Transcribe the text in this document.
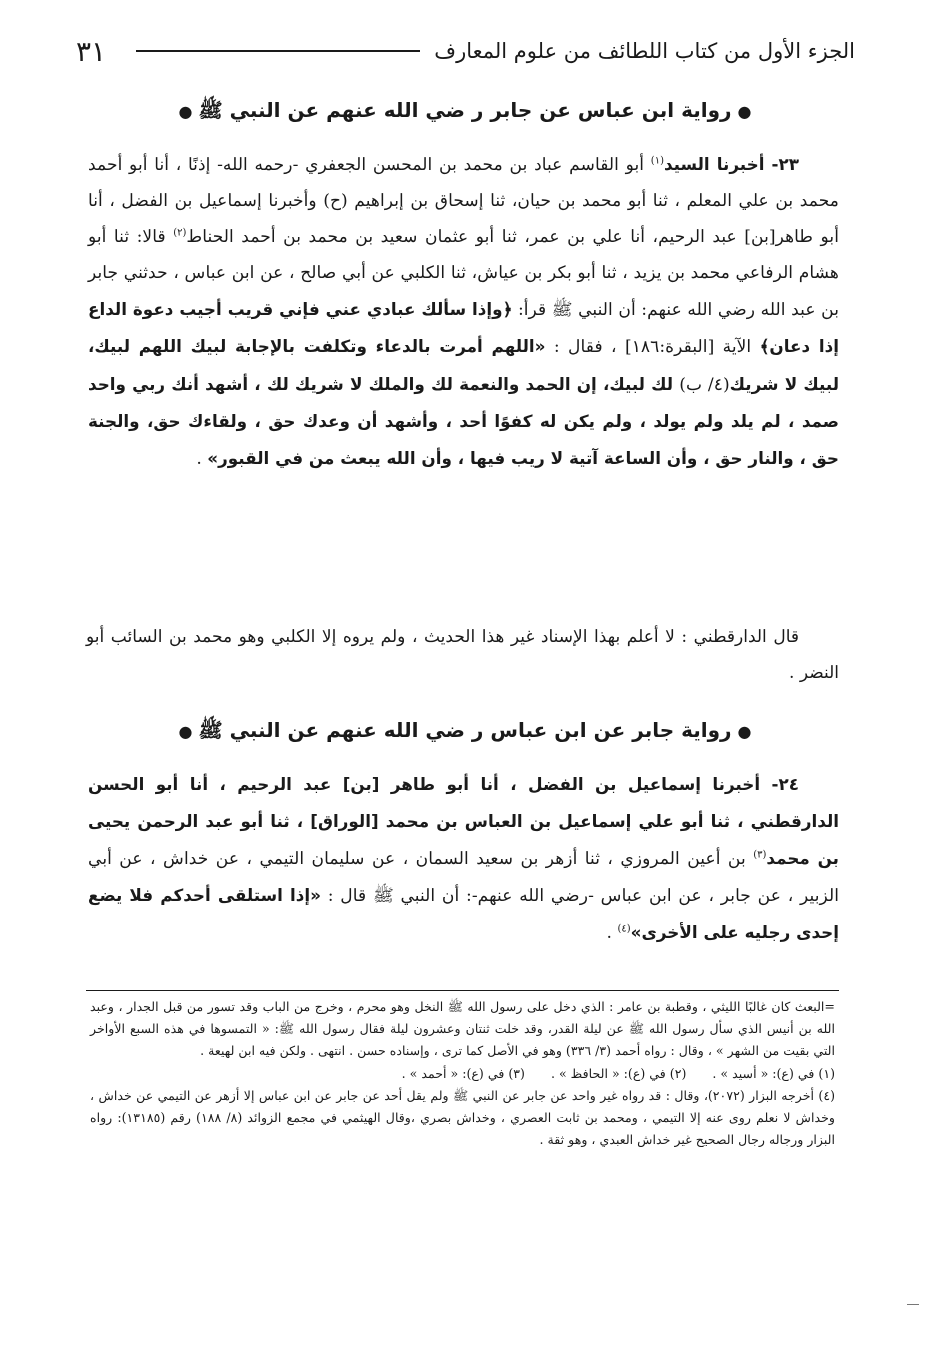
الجزء الأول من كتاب اللطائف من علوم المعارف
٣١
●رواية ابن عباس عن جابر ر ضي الله عنهم عن النبي ﷺ●

٢٣- أخبرنا السيد$^{(١)}$ أبو القاسم عباد بن محمد بن المحسن الجعفري -رحمه الله- إذنًا ، أنا أبو أحمد محمد بن علي المعلم ، ثنا أبو محمد بن حيان، ثنا إسحاق بن إبراهيم (ح) وأخبرنا إسماعيل بن الفضل ، أنا أبو طاهر[بن] عبد الرحيم، أنا علي بن عمر، ثنا أبو عثمان سعيد بن محمد بن أحمد الحناط$^{(٢)}$ قالا: ثنا أبو هشام الرفاعي محمد بن يزيد ، ثنا أبو بكر بن عياش، ثنا الكلبي عن أبي صالح ، عن ابن عباس ، حدثني جابر بن عبد الله رضي الله عنهم: أن النبي ﷺ قرأ: ﴿وإذا سألك عبادي عني فإني قريب أجيب دعوة الداع إذا دعان﴾ الآية [البقرة:١٨٦] ، فقال : «اللهم أمرت بالدعاء وتكلفت بالإجابة لبيك اللهم لبيك، لبيك لا شريك(٤/ ب) لك لبيك، إن الحمد والنعمة لك والملك لا شريك لك ، أشهد أنك ربي واحد صمد ، لم يلد ولم يولد ، ولم يكن له كفوًا أحد ، وأشهد أن وعدك حق ، ولقاءك حق، والجنة حق ، والنار حق ، وأن الساعة آتية لا ريب فيها ، وأن الله يبعث من في القبور» .

قال الدارقطني : لا أعلم بهذا الإسناد غير هذا الحديث ، ولم يروه إلا الكلبي وهو محمد بن السائب أبو النضر .

●رواية جابر عن ابن عباس ر ضي الله عنهم عن النبي ﷺ●

٢٤- أخبرنا إسماعيل بن الفضل ، أنا أبو طاهر [بن] عبد الرحيم ، أنا أبو الحسن الدارقطني ، ثنا أبو علي إسماعيل بن العباس بن محمد [الوراق] ، ثنا أبو عبد الرحمن يحيى بن محمد$^{(٣)}$ بن أعين المروزي ، ثنا أزهر بن سعيد السمان ، عن سليمان التيمي ، عن خداش ، عن أبي الزبير ، عن جابر ، عن ابن عباس -رضي الله عنهم-: أن النبي ﷺ قال : «إذا استلقى أحدكم فلا يضع إحدى رجليه على الأخرى»$^{(٤)}$ .

=البعث كان غالبًا الليثي ، وقطبة بن عامر : الذي دخل على رسول الله ﷺ النخل وهو محرم ، وخرج من الباب وقد تسور من قبل الجدار ، وعبد الله بن أنيس الذي سأل رسول الله ﷺ عن ليلة القدر، وقد خلت ثنتان وعشرون ليلة فقال رسول الله ﷺ: « التمسوها في هذه السبع الأواخر التي بقيت من الشهر » ، وقال : رواه أحمد (٣/ ٣٣٦) وهو في الأصل كما ترى ، وإسناده حسن . انتهى . ولكن فيه ابن لهيعة .

(١) في (ع): « أسيد » .
(٢) في (ع): « الحافظ » .
(٣) في (ع): « أحمد » .

(٤) أخرجه البزار (٢٠٧٢)، وقال : قد رواه غير واحد عن جابر عن النبي ﷺ ولم يقل أحد عن جابر عن ابن عباس إلا أزهر عن التيمي عن خداش ، وخداش لا نعلم روى عنه إلا التيمي ، ومحمد بن ثابت العصري ، وخداش بصري ،وقال الهيثمي في مجمع الزوائد (٨/ ١٨٨) رقم (١٣١٨٥): رواه البزار ورجاله رجال الصحيح غير خداش العبدي ، وهو ثقة .
